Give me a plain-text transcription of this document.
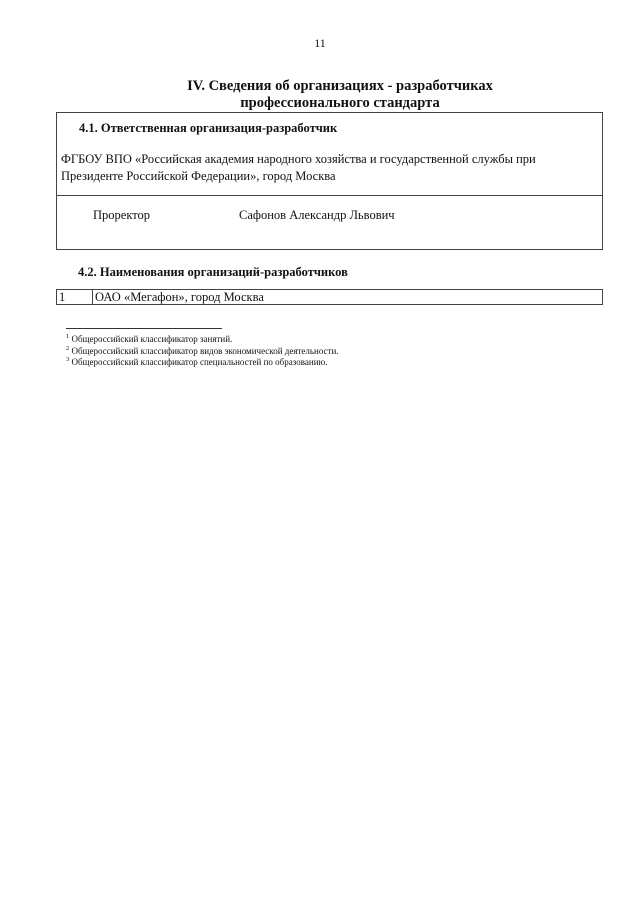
11
IV. Сведения об организациях - разработчиках
профессионального стандарта
4.1. Ответственная организация-разработчик
ФГБОУ ВПО «Российская академия народного хозяйства и государственной службы при
Президенте Российской Федерации», город Москва
Проректор	Сафонов Александр Львович
4.2. Наименования организаций-разработчиков
1	ОАО «Мегафон», город Москва
$^1$ Общероссийский классификатор занятий.
$^2$ Общероссийский классификатор видов экономической деятельности.
$^3$ Общероссийский классификатор специальностей по образованию.
